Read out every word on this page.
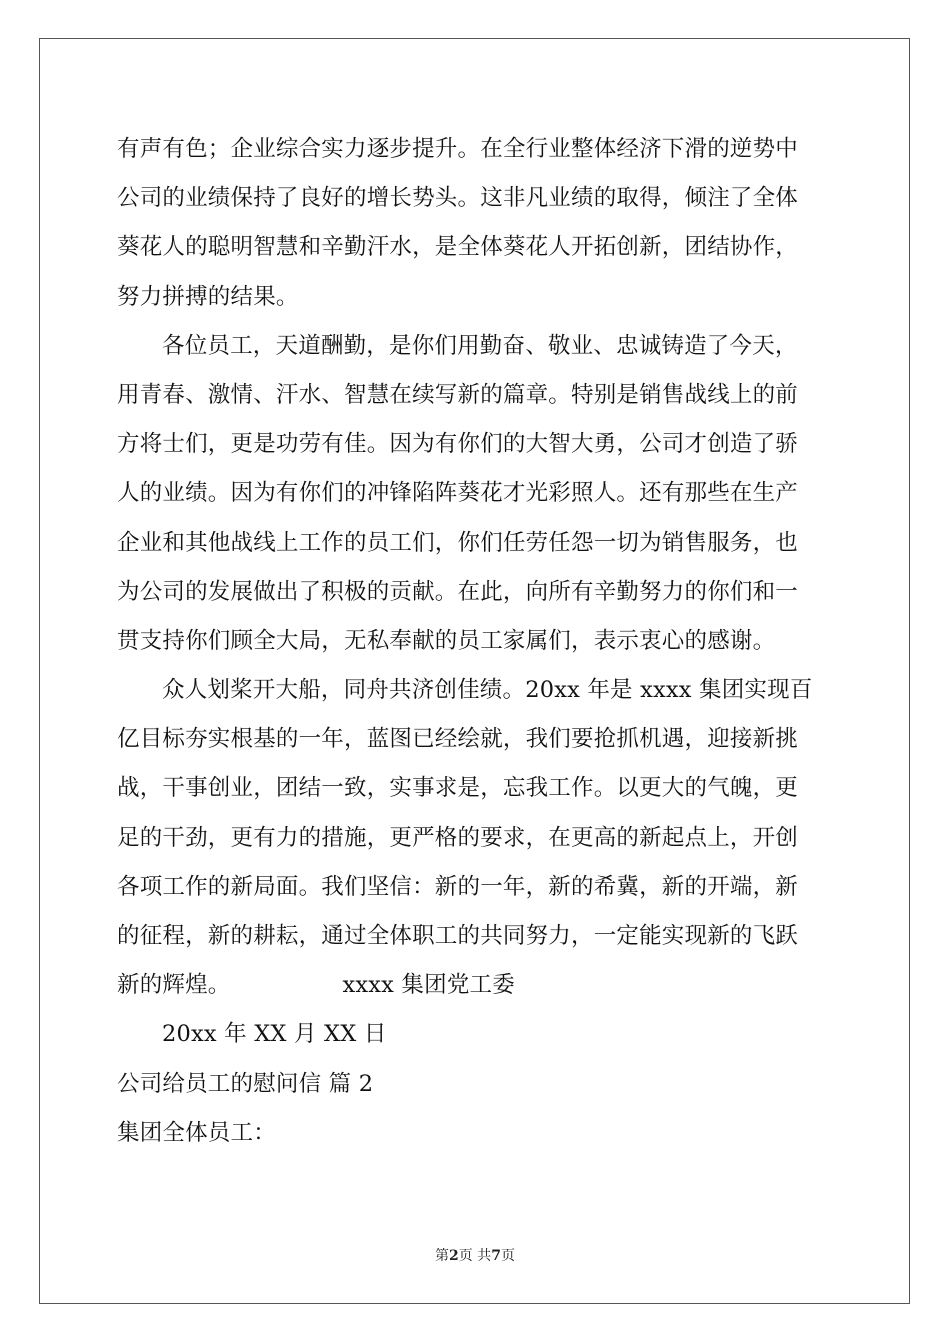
有声有色；企业综合实力逐步提升。在全行业整体经济下滑的逆势中
公司的业绩保持了良好的增长势头。这非凡业绩的取得，倾注了全体
葵花人的聪明智慧和辛勤汗水，是全体葵花人开拓创新，团结协作，
努力拼搏的结果。
各位员工，天道酬勤，是你们用勤奋、敬业、忠诚铸造了今天，
用青春、激情、汗水、智慧在续写新的篇章。特别是销售战线上的前
方将士们，更是功劳有佳。因为有你们的大智大勇，公司才创造了骄
人的业绩。因为有你们的冲锋陷阵葵花才光彩照人。还有那些在生产
企业和其他战线上工作的员工们，你们任劳任怨一切为销售服务，也
为公司的发展做出了积极的贡献。在此，向所有辛勤努力的你们和一
贯支持你们顾全大局，无私奉献的员工家属们，表示衷心的感谢。
众人划桨开大船，同舟共济创佳绩。20xx 年是 xxxx 集团实现百
亿目标夯实根基的一年，蓝图已经绘就，我们要抢抓机遇，迎接新挑
战，干事创业，团结一致，实事求是，忘我工作。以更大的气魄，更
足的干劲，更有力的措施，更严格的要求，在更高的新起点上，开创
各项工作的新局面。我们坚信：新的一年，新的希冀，新的开端，新
的征程，新的耕耘，通过全体职工的共同努力，一定能实现新的飞跃
新的辉煌。	xxxx 集团党工委
20xx 年 XX 月 XX 日
公司给员工的慰问信 篇 2
集团全体员工：
第2页 共7页
